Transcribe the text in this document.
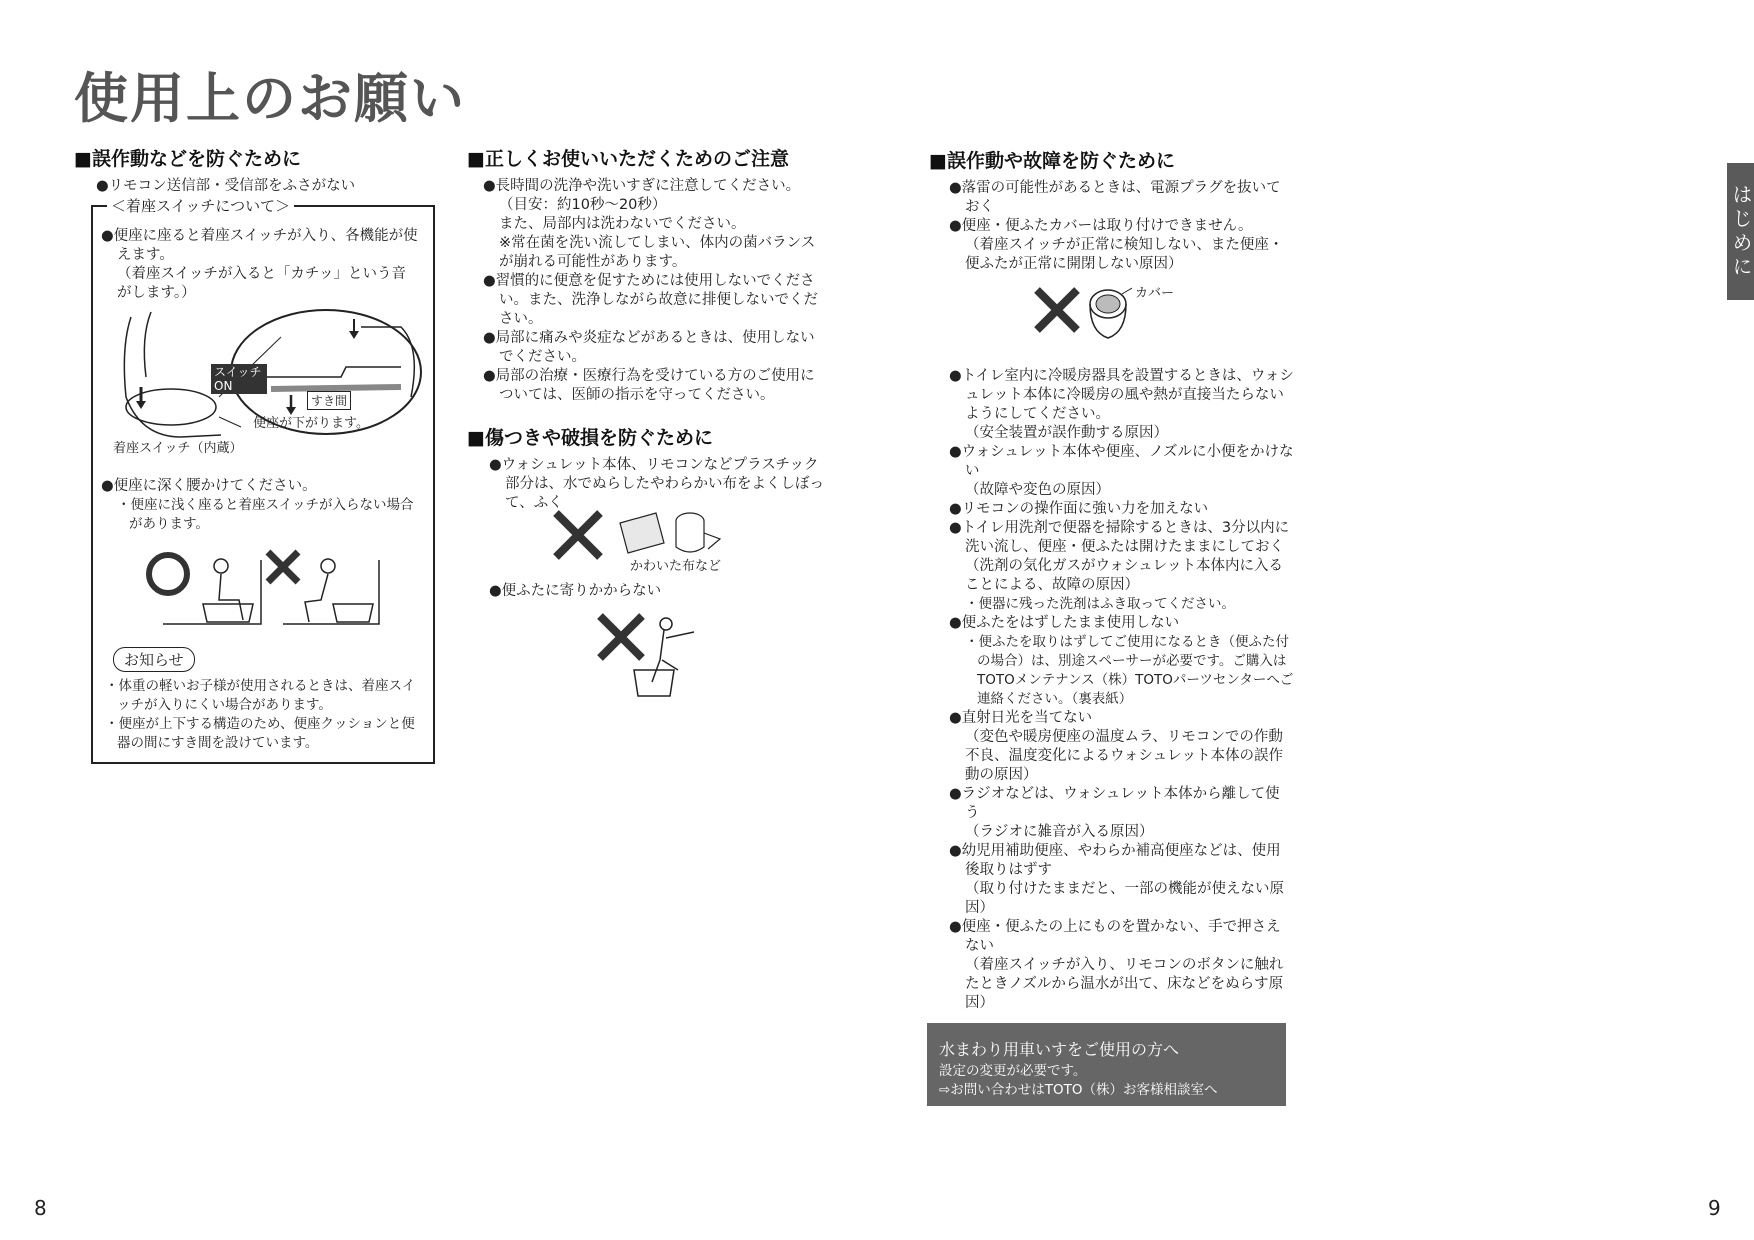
使用上のお願い

■誤作動などを防ぐために

●リモコン送信部・受信部をふさがない

＜着座スイッチについて＞

●便座に座ると着座スイッチが入り、各機能が使えます。

（着座スイッチが入ると「カチッ」という音がします。）

スイッチON
すき間
便座が下がります。
着座スイッチ（内蔵）

●便座に深く腰かけてください。

・便座に浅く座ると着座スイッチが入らない場合があります。

お知らせ

・体重の軽いお子様が使用されるときは、着座スイッチが入りにくい場合があります。

・便座が上下する構造のため、便座クッションと便器の間にすき間を設けています。

■正しくお使いいただくためのご注意

●長時間の洗浄や洗いすぎに注意してください。

（目安：約10秒～20秒）

また、局部内は洗わないでください。

※常在菌を洗い流してしまい、体内の菌バランスが崩れる可能性があります。

●習慣的に便意を促すためには使用しないでください。また、洗浄しながら故意に排便しないでください。

●局部に痛みや炎症などがあるときは、使用しないでください。

●局部の治療・医療行為を受けている方のご使用については、医師の指示を守ってください。

■傷つきや破損を防ぐために

●ウォシュレット本体、リモコンなどプラスチック部分は、水でぬらしたやわらかい布をよくしぼって、ふく

かわいた布など

●便ふたに寄りかからない

■誤作動や故障を防ぐために

●落雷の可能性があるときは、電源プラグを抜いておく

●便座・便ふたカバーは取り付けできません。

（着座スイッチが正常に検知しない、また便座・便ふたが正常に開閉しない原因）

カバー

●トイレ室内に冷暖房器具を設置するときは、ウォシュレット本体に冷暖房の風や熱が直接当たらないようにしてください。

（安全装置が誤作動する原因）

●ウォシュレット本体や便座、ノズルに小便をかけない

（故障や変色の原因）

●リモコンの操作面に強い力を加えない

●トイレ用洗剤で便器を掃除するときは、3分以内に洗い流し、便座・便ふたは開けたままにしておく

（洗剤の気化ガスがウォシュレット本体内に入ることによる、故障の原因）

・便器に残った洗剤はふき取ってください。

●便ふたをはずしたまま使用しない

・便ふたを取りはずしてご使用になるとき（便ふた付の場合）は、別途スペーサーが必要です。ご購入はTOTOメンテナンス（株）TOTOパーツセンターへご連絡ください。（裏表紙）

●直射日光を当てない

（変色や暖房便座の温度ムラ、リモコンでの作動不良、温度変化によるウォシュレット本体の誤作動の原因）

●ラジオなどは、ウォシュレット本体から離して使う

（ラジオに雑音が入る原因）

●幼児用補助便座、やわらか補高便座などは、使用後取りはずす

（取り付けたままだと、一部の機能が使えない原因）

●便座・便ふたの上にものを置かない、手で押さえない

（着座スイッチが入り、リモコンのボタンに触れたときノズルから温水が出て、床などをぬらす原因）

水まわり用車いすをご使用の方へ
設定の変更が必要です。
⇨お問い合わせはTOTO（株）お客様相談室へ
はじめに
8	9
